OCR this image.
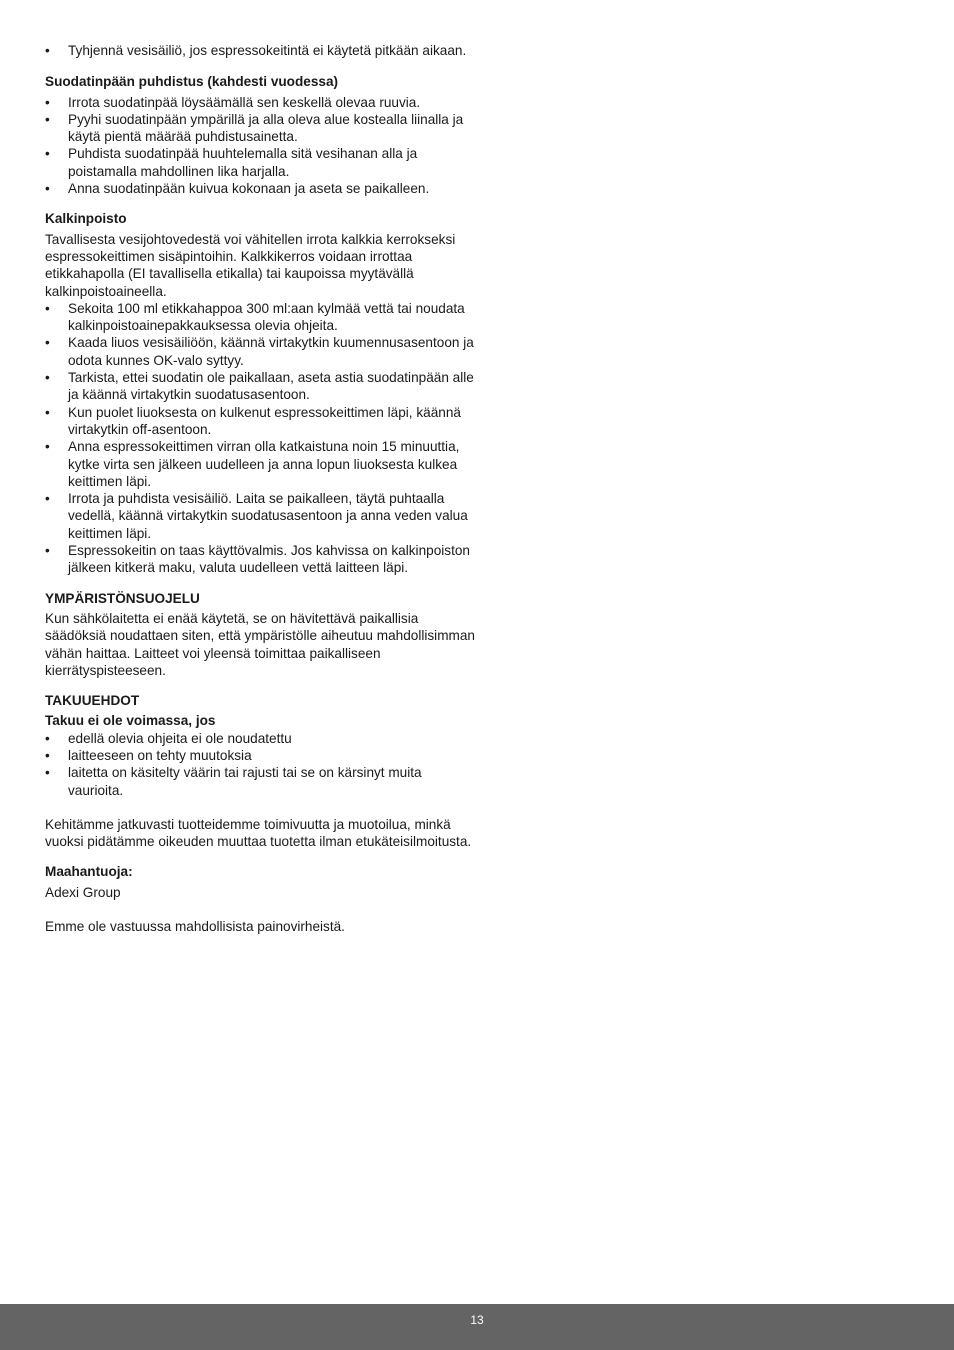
• Tyhjennä vesisäiliö, jos espressokeitintä ei käytetä pitkään aikaan.
Suodatinpään puhdistus (kahdesti vuodessa)
• Irrota suodatinpää löysäämällä sen keskellä olevaa ruuvia.
• Pyyhi suodatinpään ympärillä ja alla oleva alue kostealla liinalla ja käytä pientä määrää puhdistusainetta.
• Puhdista suodatinpää huuhtelemalla sitä vesihanan alla ja poistamalla mahdollinen lika harjalla.
• Anna suodatinpään kuivua kokonaan ja aseta se paikalleen.
Kalkinpoisto

Tavallisesta vesijohtovedestä voi vähitellen irrota kalkkia kerrokseksi espressokeittimen sisäpintoihin. Kalkkikerros voidaan irrottaa etikkahapolla (EI tavallisella etikalla) tai kaupoissa myytävällä kalkinpoistoaineella.

• Sekoita 100 ml etikkahappoa 300 ml:aan kylmää vettä tai noudata kalkinpoistoainepakkauksessa olevia ohjeita.
• Kaada liuos vesisäiliöön, käännä virtakytkin kuumennusasentoon ja odota kunnes OK-valo syttyy.
• Tarkista, ettei suodatin ole paikallaan, aseta astia suodatinpään alle ja käännä virtakytkin suodatusasentoon.
• Kun puolet liuoksesta on kulkenut espressokeittimen läpi, käännä virtakytkin off-asentoon.
• Anna espressokeittimen virran olla katkaistuna noin 15 minuuttia, kytke virta sen jälkeen uudelleen ja anna lopun liuoksesta kulkea keittimen läpi.
• Irrota ja puhdista vesisäiliö. Laita se paikalleen, täytä puhtaalla vedellä, käännä virtakytkin suodatusasentoon ja anna veden valua keittimen läpi.
• Espressokeitin on taas käyttövalmis. Jos kahvissa on kalkinpoiston jälkeen kitkerä maku, valuta uudelleen vettä laitteen läpi.
YMPÄRISTÖNSUOJELU

Kun sähkölaitetta ei enää käytetä, se on hävitettävä paikallisia säädöksiä noudattaen siten, että ympäristölle aiheutuu mahdollisimman vähän haittaa. Laitteet voi yleensä toimittaa paikalliseen kierrätyspisteeseen.

TAKUUEHDOT
Takuu ei ole voimassa, jos
• edellä olevia ohjeita ei ole noudatettu
• laitteeseen on tehty muutoksia
• laitetta on käsitelty väärin tai rajusti tai se on kärsinyt muita vaurioita.

Kehitämme jatkuvasti tuotteidemme toimivuutta ja muotoilua, minkä vuoksi pidätämme oikeuden muuttaa tuotetta ilman etukäteisilmoitusta.

Maahantuoja:

Adexi Group

Emme ole vastuussa mahdollisista painovirheistä.

13
